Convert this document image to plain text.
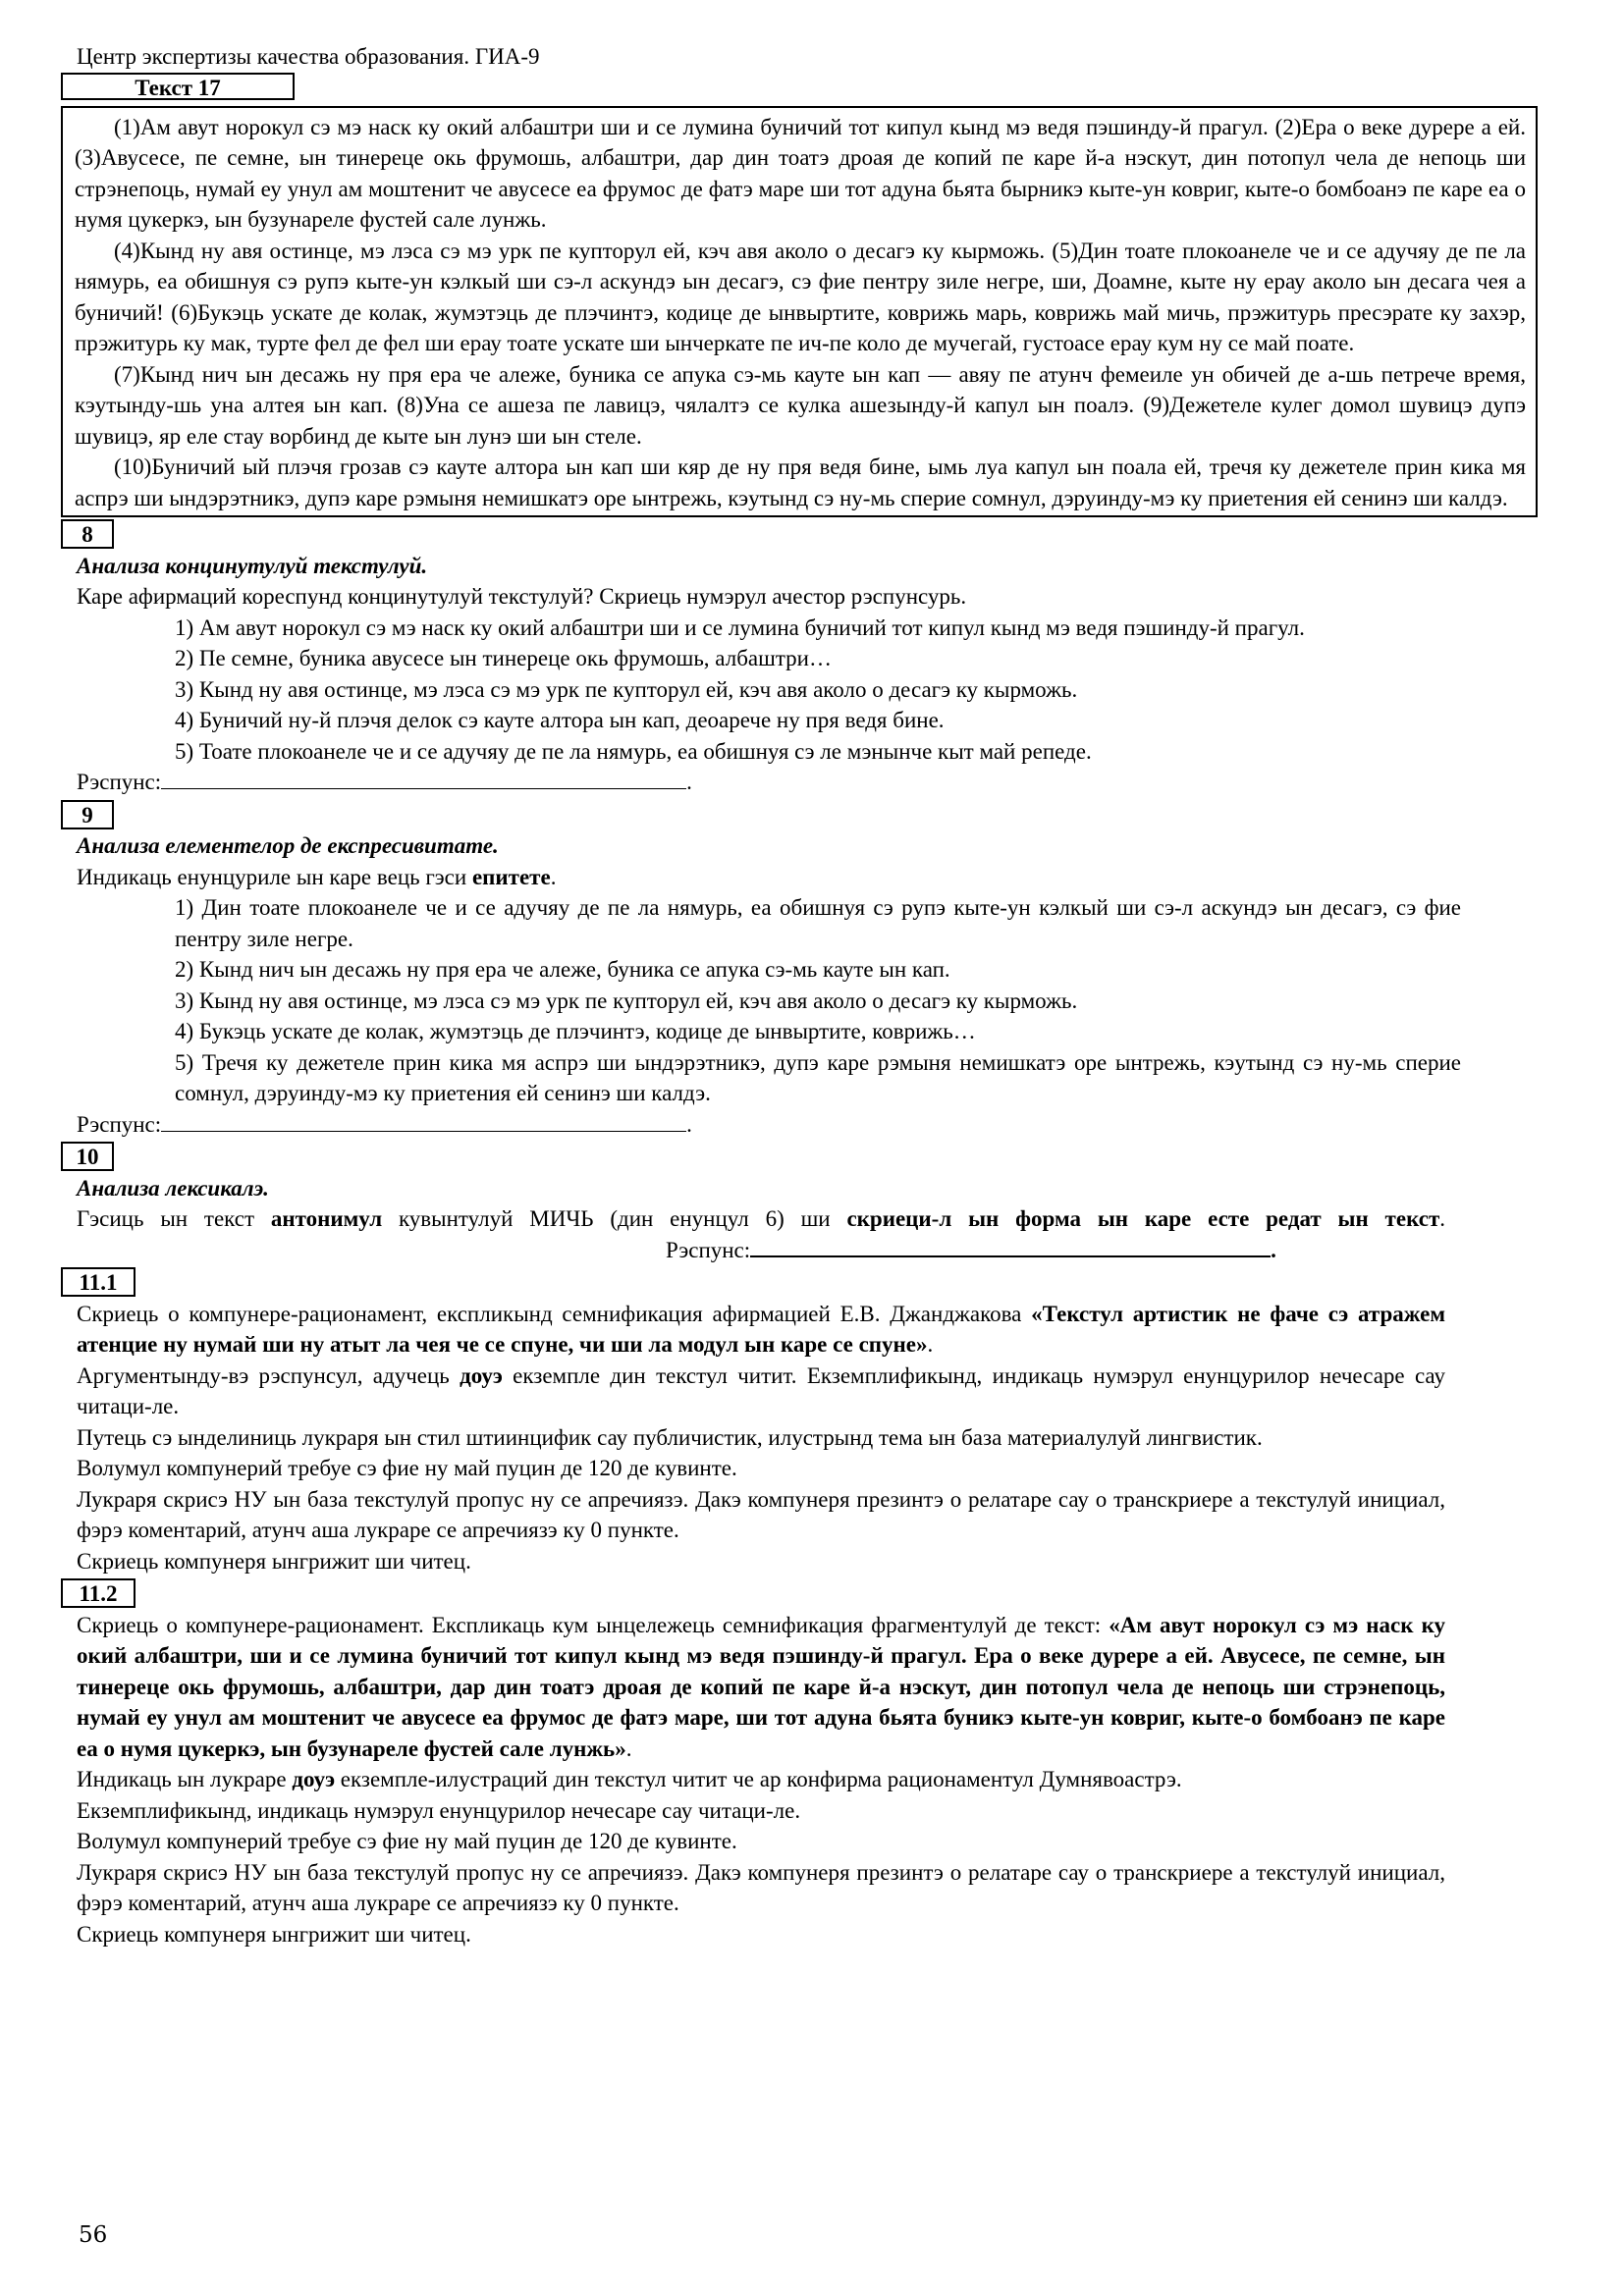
Центр экспертизы качества образования. ГИА-9
Текст 17

(1)Ам авут норокул сэ мэ наск ку окий албаштри ши и се лумина буничий тот кипул кынд мэ ведя пэшинду-й прагул. (2)Ера о веке дурере а ей. (3)Авусесе, пе семне, ын тинереце окь фрумошь, албаштри, дар дин тоатэ дроая де копий пе каре й-а нэскут, дин потопул чела де непоць ши стрэнепоць, нумай еу унул ам моштенит че авусесе еа фрумос де фатэ маре ши тот адуна бьята бырникэ кыте-ун ковриг, кыте-о бомбоанэ пе каре еа о нумя цукеркэ, ын бузунареле фустей сале лунжь.

(4)Кынд ну авя остинце, мэ лэса сэ мэ урк пе купторул ей, кэч авя аколо о десагэ ку кырможь. (5)Дин тоате плокоанеле че и се адучяу де пе ла нямурь, еа обишнуя сэ рупэ кыте-ун кэлкый ши сэ-л аскундэ ын десагэ, сэ фие пентру зиле негре, ши, Доамне, кыте ну ерау аколо ын десага чея а буничий! (6)Букэць ускате де колак, жумэтэць де плэчинтэ, кодице де ынвыртите, коврижь марь, коврижь май мичь, прэжитурь пресэрате ку захэр, прэжитурь ку мак, турте фел де фел ши ерау тоате ускате ши ынчеркате пе ич-пе коло де мучегай, густоасе ерау кум ну се май поате.

(7)Кынд нич ын десажь ну пря ера че алеже, буника се апука сэ-мь кауте ын кап — авяу пе атунч фемеиле ун обичей де а-шь петрече время, кэутынду-шь уна алтея ын кап. (8)Уна се ашеза пе лавицэ, чялалтэ се кулка ашезынду-й капул ын поалэ. (9)Дежетеле кулег домол шувицэ дупэ шувицэ, яр еле стау ворбинд де кыте ын лунэ ши ын стеле.

(10)Буничий ый плэчя грозав сэ кауте алтора ын кап ши кяр де ну пря ведя бине, ымь луа капул ын поала ей, тречя ку дежетеле прин кика мя аспрэ ши ындэрэтникэ, дупэ каре рэмыня немишкатэ оре ынтрежь, кэутынд сэ ну-мь сперие сомнул, дэруинду-мэ ку приетения ей сенинэ ши калдэ.

8

Анализа концинутулуй текстулуй.

Каре афирмаций кореспунд концинутулуй текстулуй? Скриець нумэрул ачестор рэспунсурь.

1) Ам авут норокул сэ мэ наск ку окий албаштри ши и се лумина буничий тот кипул кынд мэ ведя пэшинду-й прагул.

2) Пе семне, буника авусесе ын тинереце окь фрумошь, албаштри…

3) Кынд ну авя остинце, мэ лэса сэ мэ урк пе купторул ей, кэч авя аколо о десагэ ку кырможь.

4) Буничий ну-й плэчя делок сэ кауте алтора ын кап, деоарече ну пря ведя бине.

5) Тоате плокоанеле че и се адучяу де пе ла нямурь, еа обишнуя сэ ле мэнынче кыт май репеде.

Рэспунс:	.

9

Анализа елементелор де експресивитате.

Индикаць енунцуриле ын каре вець гэси епитете.

1) Дин тоате плокоанеле че и се адучяу де пе ла нямурь, еа обишнуя сэ рупэ кыте-ун кэлкый ши сэ-л аскундэ ын десагэ, сэ фие пентру зиле негре.

2) Кынд нич ын десажь ну пря ера че алеже, буника се апука сэ-мь кауте ын кап.

3) Кынд ну авя остинце, мэ лэса сэ мэ урк пе купторул ей, кэч авя аколо о десагэ ку кырможь.

4) Букэць ускате де колак, жумэтэць де плэчинтэ, кодице де ынвыртите, коврижь…

5) Тречя ку дежетеле прин кика мя аспрэ ши ындэрэтникэ, дупэ каре рэмыня немишкатэ оре ынтрежь, кэутынд сэ ну-мь сперие сомнул, дэруинду-мэ ку приетения ей сенинэ ши калдэ.

Рэспунс:	.

10

Анализа лексикалэ.

Гэсиць ын текст антонимул кувынтулуй МИЧЬ (дин енунцул 6) ши скриеци-л ын форма ын каре есте редат ын текст.Рэспунс:	.

11.1

Скриець о компунере-рационамент, експликынд семнификация афирмацией Е.В. Джанджакова «Текстул артистик не фаче сэ атражем атенцие ну нумай ши ну атыт ла чея че се спуне, чи ши ла модул ын каре се спуне».

Аргументынду-вэ рэспунсул, адучець доуэ екземпле дин текстул читит. Екземплификынд, индикаць нумэрул енунцурилор нечесаре сау читаци-ле.

Путець сэ ынделиниць лукраря ын стил штиинцифик сау публичистик, илустрынд тема ын база материалулуй лингвистик.

Волумул компунерий требуе сэ фие ну май пуцин де 120 де кувинте.

Лукраря скрисэ НУ ын база текстулуй пропус ну се апречиязэ. Дакэ компунеря презинтэ о релатаре сау о транскриере а текстулуй инициал, фэрэ коментарий, атунч аша лукраре се апречиязэ ку 0 пункте.

Скриець компунеря ынгрижит ши читец.

11.2

Скриець о компунере-рационамент. Експликаць кум ынцележець семнификация фрагментулуй де текст: «Ам авут норокул сэ мэ наск ку окий албаштри, ши и се лумина буничий тот кипул кынд мэ ведя пэшинду-й прагул. Ера о веке дурере а ей. Авусесе, пе семне, ын тинереце окь фрумошь, албаштри, дар дин тоатэ дроая де копий пе каре й-а нэскут, дин потопул чела де непоць ши стрэнепоць, нумай еу унул ам моштенит че авусесе еа фрумос де фатэ маре, ши тот адуна бьята буникэ кыте-ун ковриг, кыте-о бомбоанэ пе каре еа о нумя цукеркэ, ын бузунареле фустей сале лунжь».

Индикаць ын лукраре доуэ екземпле-илустраций дин текстул читит че ар конфирма рационаментул Думнявоастрэ.

Екземплификынд, индикаць нумэрул енунцурилор нечесаре сау читаци-ле.

Волумул компунерий требуе сэ фие ну май пуцин де 120 де кувинте.

Лукраря скрисэ НУ ын база текстулуй пропус ну се апречиязэ. Дакэ компунеря презинтэ о релатаре сау о транскриере а текстулуй инициал, фэрэ коментарий, атунч аша лукраре се апречиязэ ку 0 пункте.

Скриець компунеря ынгрижит ши читец.

56
